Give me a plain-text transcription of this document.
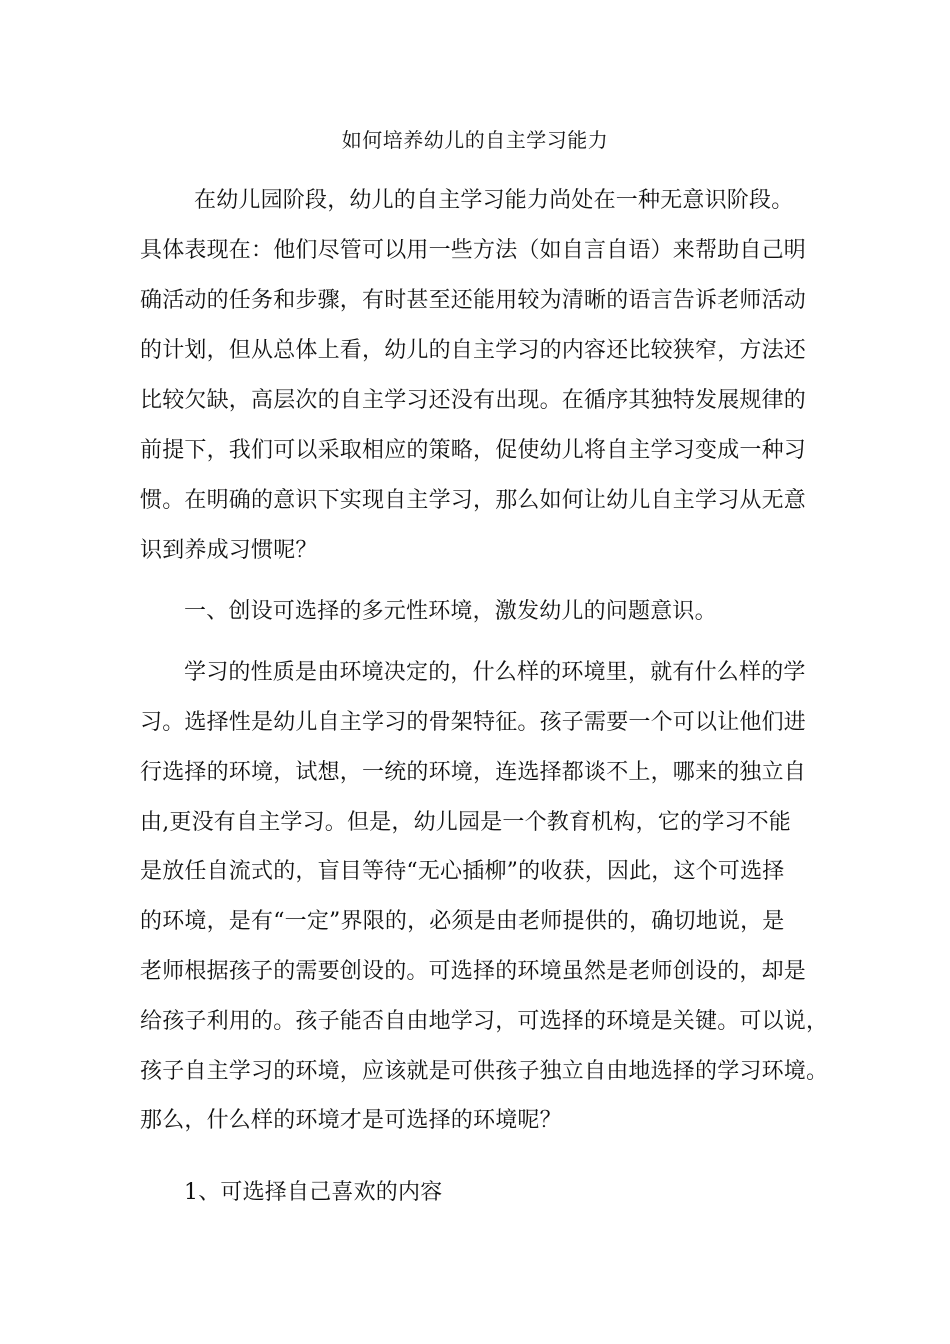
如何培养幼儿的自主学习能力
在幼儿园阶段，幼儿的自主学习能力尚处在一种无意识阶段。
具体表现在：他们尽管可以用一些方法（如自言自语）来帮助自己明
确活动的任务和步骤，有时甚至还能用较为清晰的语言告诉老师活动
的计划，但从总体上看，幼儿的自主学习的内容还比较狭窄，方法还
比较欠缺，高层次的自主学习还没有出现。在循序其独特发展规律的
前提下，我们可以采取相应的策略，促使幼儿将自主学习变成一种习
惯。在明确的意识下实现自主学习，那么如何让幼儿自主学习从无意
识到养成习惯呢？
一、创设可选择的多元性环境，激发幼儿的问题意识。
学习的性质是由环境决定的，什么样的环境里，就有什么样的学
习。选择性是幼儿自主学习的骨架特征。孩子需要一个可以让他们进
行选择的环境，试想，一统的环境，连选择都谈不上，哪来的独立自
由,更没有自主学习。但是，幼儿园是一个教育机构，它的学习不能
是放任自流式的，盲目等待“无心插柳”的收获，因此，这个可选择
的环境，是有“一定”界限的，必须是由老师提供的，确切地说，是
老师根据孩子的需要创设的。可选择的环境虽然是老师创设的，却是
给孩子利用的。孩子能否自由地学习，可选择的环境是关键。可以说，
孩子自主学习的环境，应该就是可供孩子独立自由地选择的学习环境。
那么，什么样的环境才是可选择的环境呢？
1、可选择自己喜欢的内容
